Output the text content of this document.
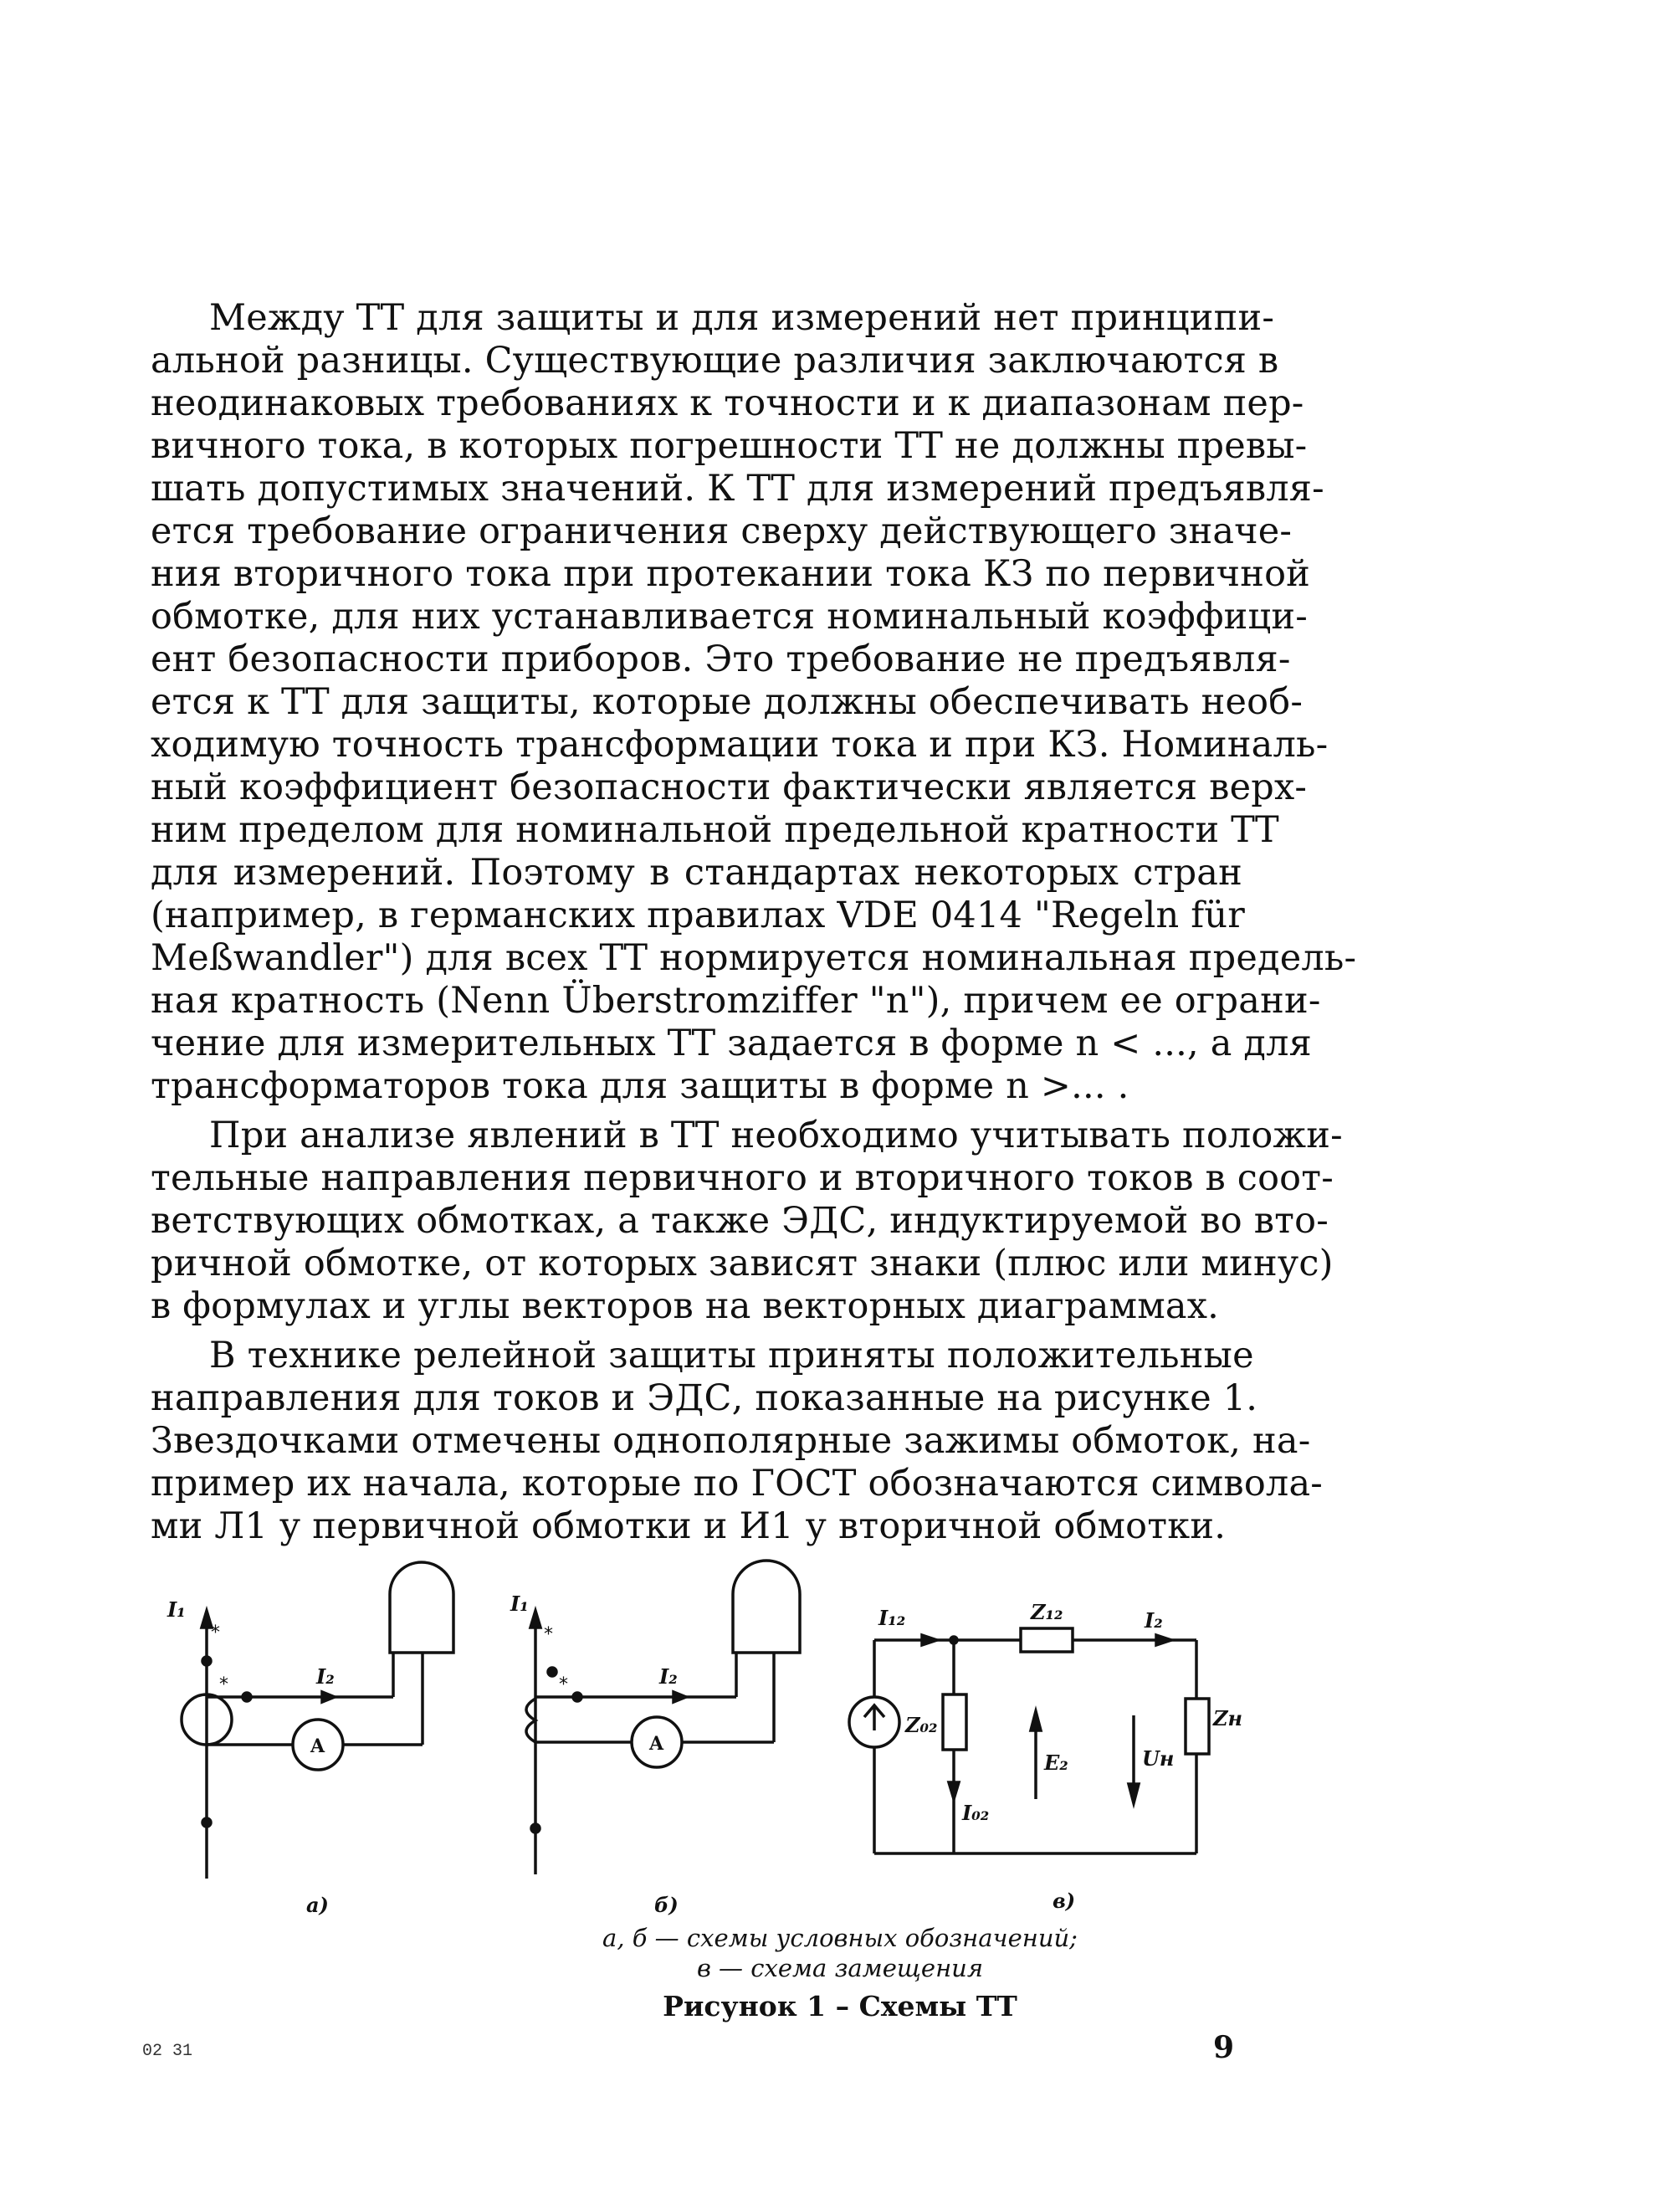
Между ТТ для защиты и для измерений нет принципи-
альной разницы. Существующие различия заключаются в
неодинаковых требованиях к точности и к диапазонам пер-
вичного тока, в которых погрешности ТТ не должны превы-
шать допустимых значений. К ТТ для измерений предъявля-
ется требование ограничения сверху действующего значе-
ния вторичного тока при протекании тока КЗ по первичной
обмотке, для них устанавливается номинальный коэффици-
ент безопасности приборов. Это требование не предъявля-
ется к ТТ для защиты, которые должны обеспечивать необ-
ходимую точность трансформации тока и при КЗ. Номиналь-
ный коэффициент безопасности фактически является верх-
ним пределом для номинальной предельной кратности ТТ
для измерений. Поэтому в стандартах некоторых стран
(например, в германских правилах VDE 0414 "Regeln für
Meßwandler") для всех ТТ нормируется номинальная предель-
ная кратность (Nenn Überstromziffer "n"), причем ее ограни-
чение для измерительных ТТ задается в форме n < ..., а для
трансформаторов тока для защиты в форме n >... .

При анализе явлений в ТТ необходимо учитывать положи-
тельные направления первичного и вторичного токов в соот-
ветствующих обмотках, а также ЭДС, индуктируемой во вто-
ричной обмотке, от которых зависят знаки (плюс или минус)
в формулах и углы векторов на векторных диаграммах.

В технике релейной защиты приняты положительные
направления для токов и ЭДС, показанные на рисунке 1.
Звездочками отмечены однополярные зажимы обмоток, на-
пример их начала, которые по ГОСТ обозначаются символа-
ми Л1 у первичной обмотки и И1 у вторичной обмотки.

I₁
I₂
A
а)
I₁
I₂
A
б)
I₁₂	Z₁₂	I₂
Z₀₂
E₂	Uн
Zн
I₀₂
в)
*	*
*	*
а, б — схемы условных обозначений;
в — схема замещения
Рисунок 1 – Схемы ТТ
02 31	9
